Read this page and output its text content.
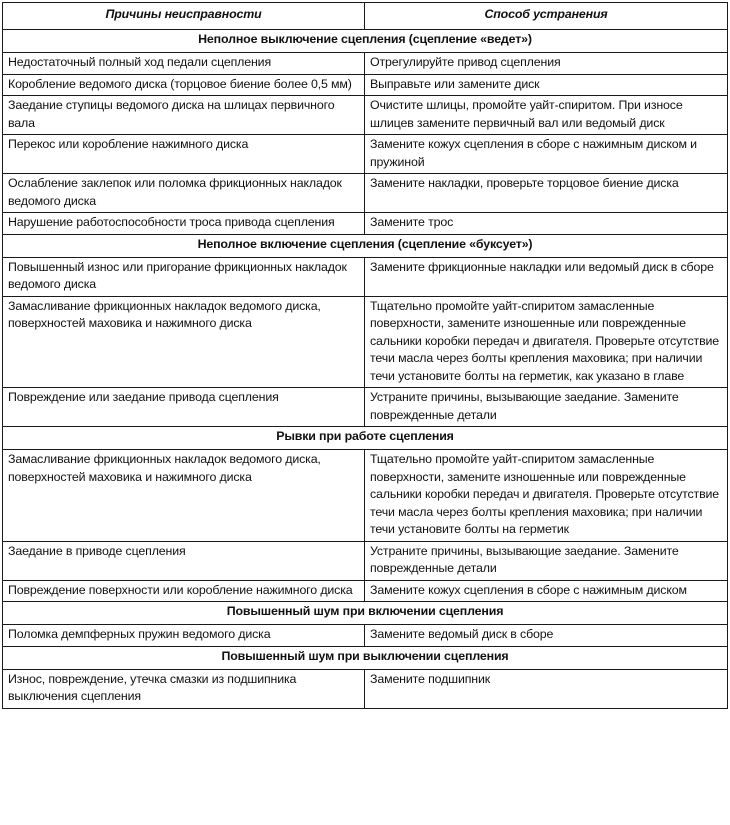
Причины неисправности	Способ устранения
Неполное выключение сцепления (сцепление «ведет»)	
Недостаточный полный ход педали сцепления	Отрегулируйте привод сцепления
Коробление ведомого диска (торцовое биение более 0,5 мм)	Выправьте или замените диск
Заедание ступицы ведомого диска на шлицах первичного вала	Очистите шлицы, промойте уайт-спиритом. При износе шлицев замените первичный вал или ведомый диск
Перекос или коробление нажимного диска	Замените кожух сцепления в сборе с нажимным диском и пружиной
Ослабление заклепок или поломка фрикционных накладок ведомого диска	Замените накладки, проверьте торцовое биение диска
Нарушение работоспособности троса привода сцепления	Замените трос
Неполное включение сцепления (сцепление «буксует»)	
Повышенный износ или пригорание фрикционных накладок ведомого диска	Замените фрикционные накладки или ведомый диск в сборе
Замасливание фрикционных накладок ведомого диска, поверхностей маховика и нажимного диска	Тщательно промойте уайт-спиритом замасленные поверхности, замените изношенные или поврежденные сальники коробки передач и двигателя. Проверьте отсутствие течи масла через болты крепления маховика; при наличии течи установите болты на герметик, как указано в главе
Повреждение или заедание привода сцепления	Устраните причины, вызывающие заедание. Замените поврежденные детали
Рывки при работе сцепления	
Замасливание фрикционных накладок ведомого диска, поверхностей маховика и нажимного диска	Тщательно промойте уайт-спиритом замасленные поверхности, замените изношенные или поврежденные сальники коробки передач и двигателя. Проверьте отсутствие течи масла через болты крепления маховика; при наличии течи установите болты на герметик
Заедание в приводе сцепления	Устраните причины, вызывающие заедание. Замените поврежденные детали
Повреждение поверхности или коробление нажимного диска	Замените кожух сцепления в сборе с нажимным диском
Повышенный шум при включении сцепления	
Поломка демпферных пружин ведомого диска	Замените ведомый диск в сборе
Повышенный шум при выключении сцепления	
Износ, повреждение, утечка смазки из подшипника выключения сцепления	Замените подшипник
